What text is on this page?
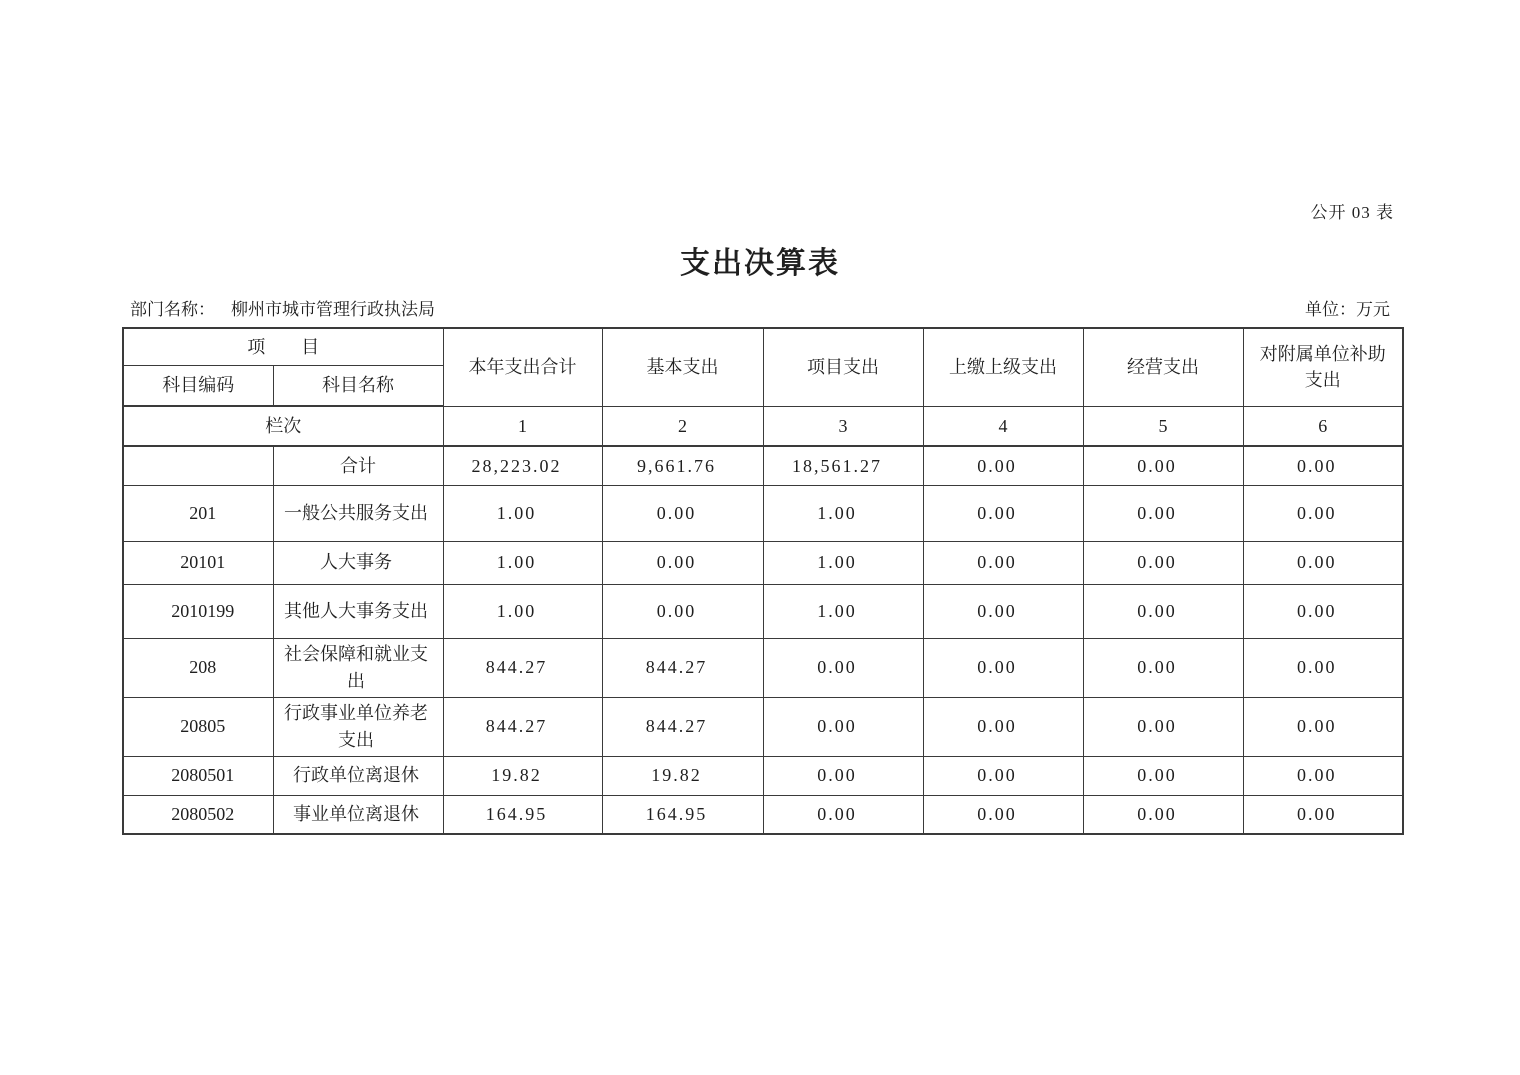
公开 03 表
支出决算表
部门名称： 柳州市城市管理行政执法局	单位：万元
项　　目		本年支出合计	基本支出	项目支出	上缴上级支出	经营支出	对附属单位补助支出
科目编码	科目名称						
栏次		1	2	3	4	5	6
	合计	28,223.02	9,661.76	18,561.27	0.00	0.00	0.00
201	一般公共服务支出	1.00	0.00	1.00	0.00	0.00	0.00
20101	人大事务	1.00	0.00	1.00	0.00	0.00	0.00
2010199	其他人大事务支出	1.00	0.00	1.00	0.00	0.00	0.00
208	社会保障和就业支出	844.27	844.27	0.00	0.00	0.00	0.00
20805	行政事业单位养老支出	844.27	844.27	0.00	0.00	0.00	0.00
2080501	行政单位离退休	19.82	19.82	0.00	0.00	0.00	0.00
2080502	事业单位离退休	164.95	164.95	0.00	0.00	0.00	0.00
